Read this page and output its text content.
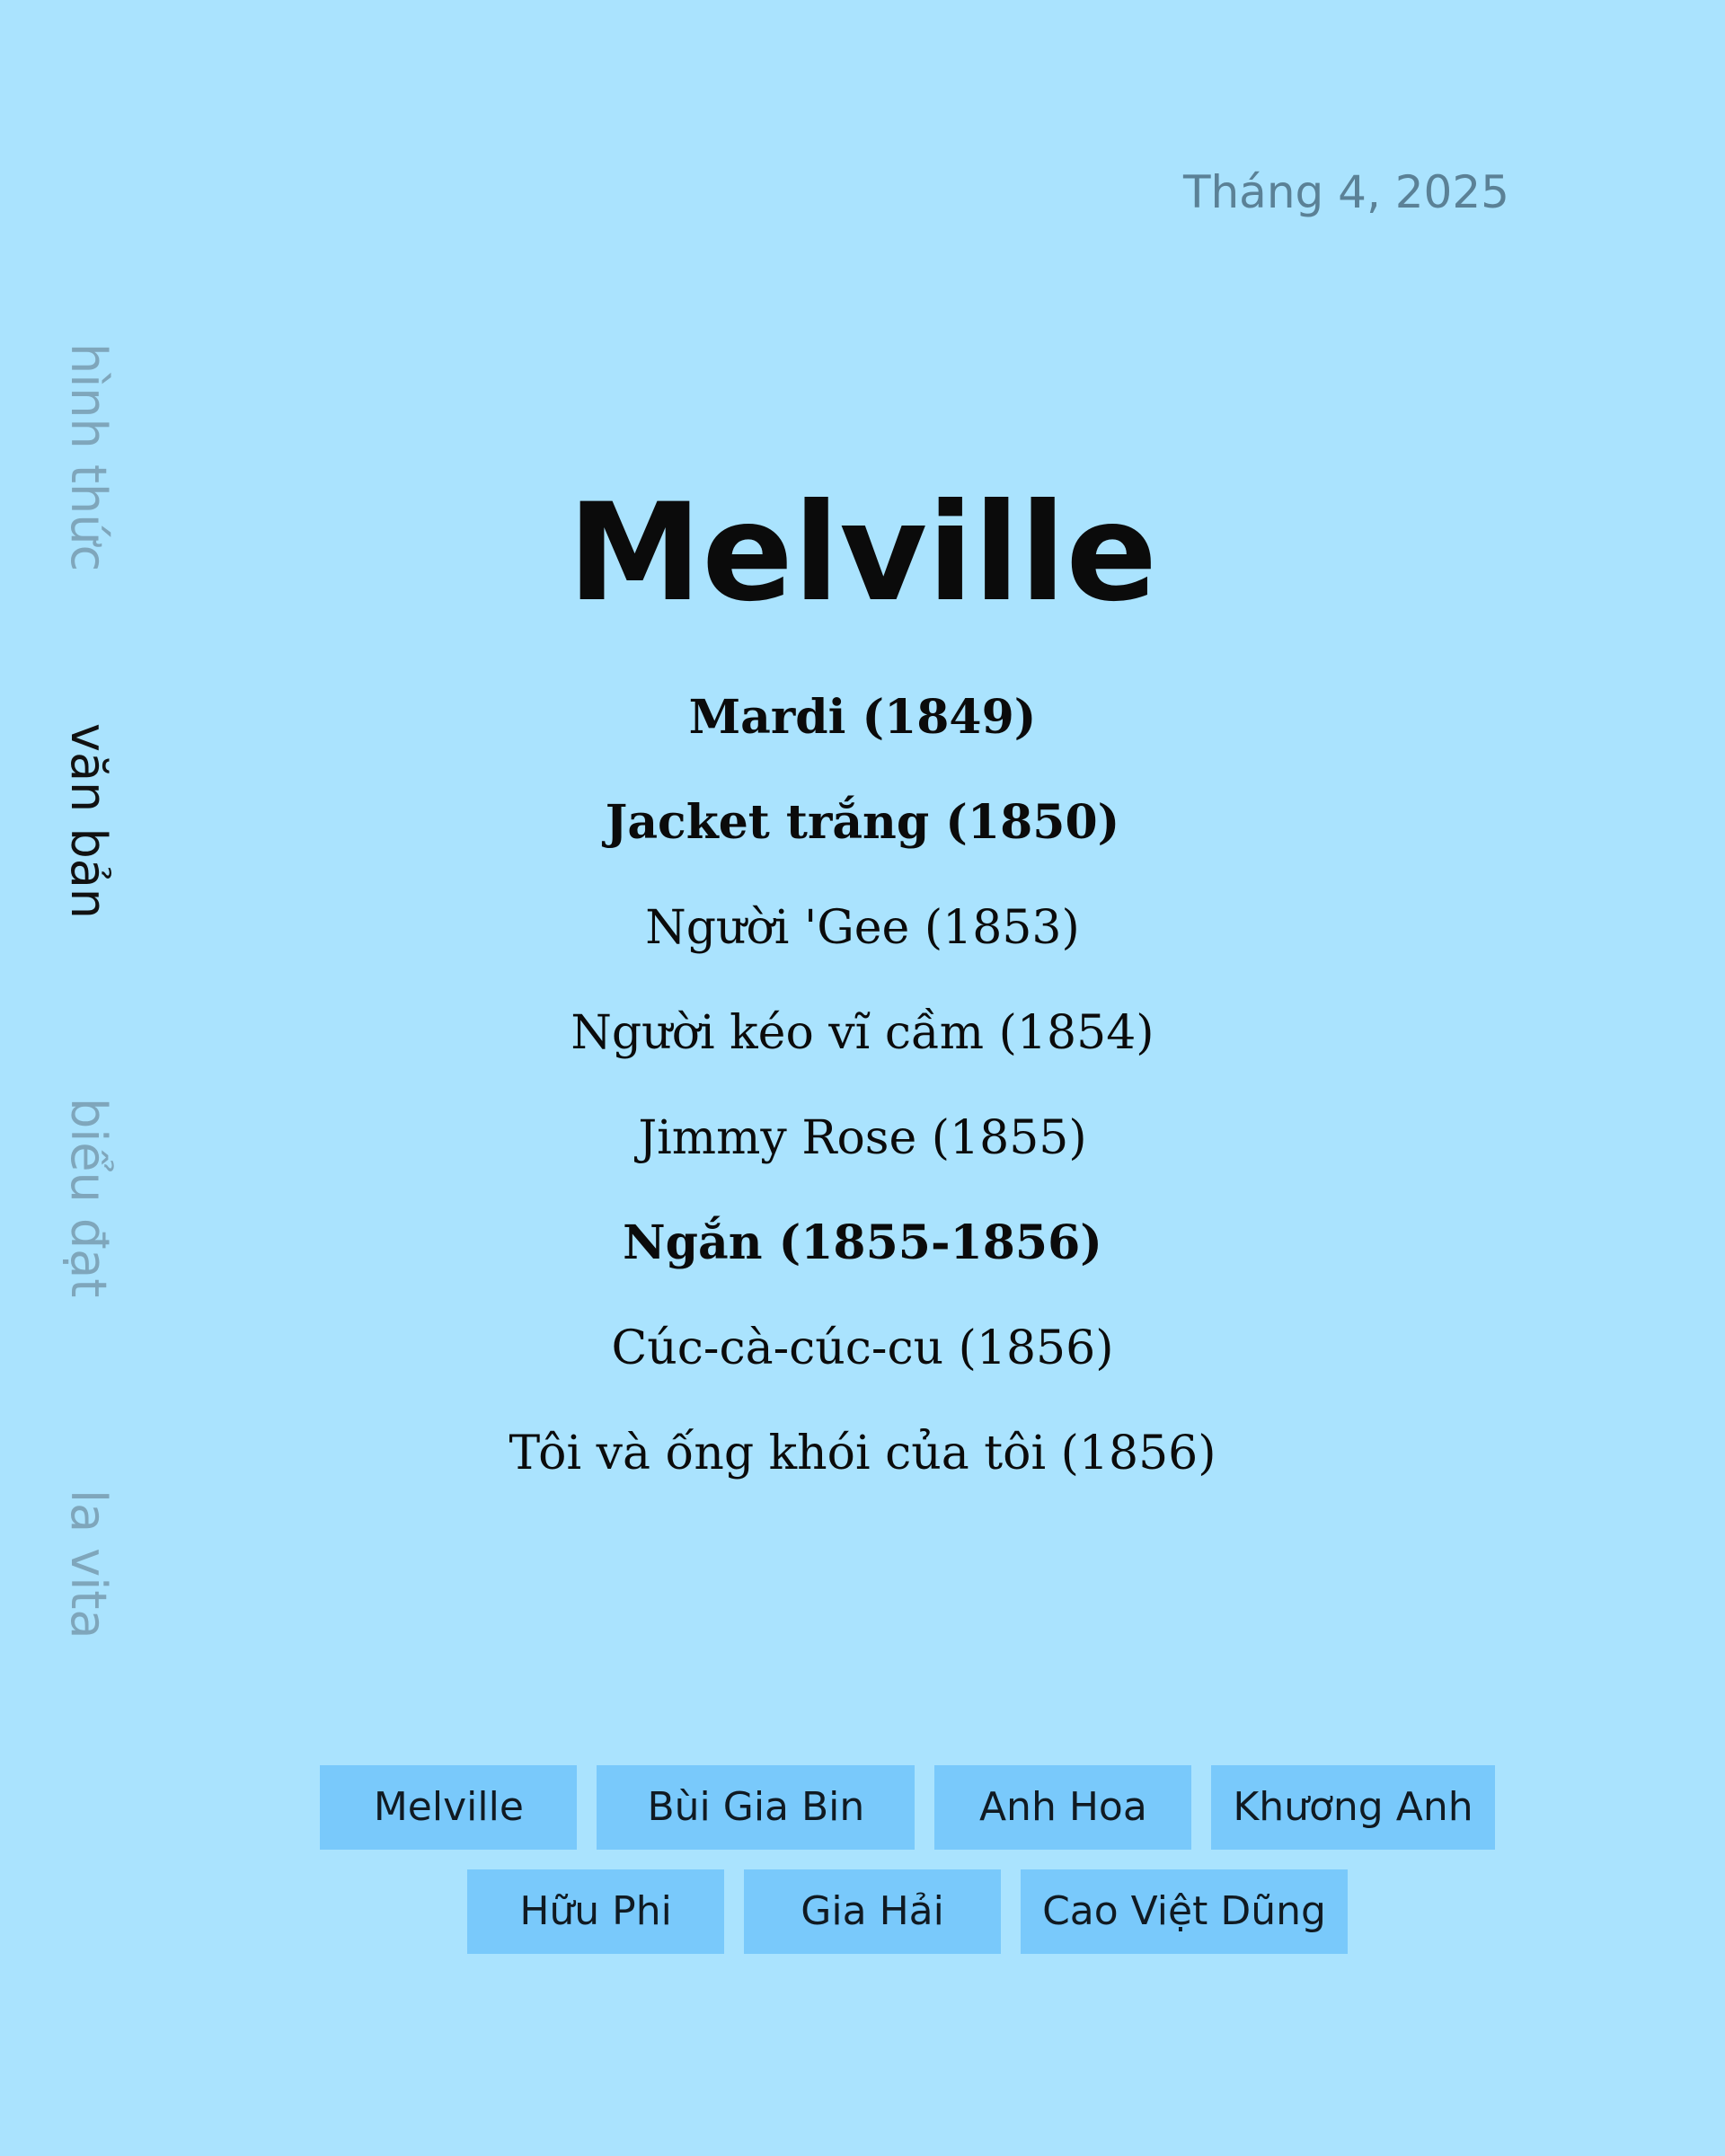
Tháng 4, 2025
hình thức
văn bản
biểu đạt
la vita
Melville
Mardi (1849)
Jacket trắng (1850)
Người 'Gee (1853)
Người kéo vĩ cầm (1854)
Jimmy Rose (1855)
Ngắn (1855-1856)
Cúc-cà-cúc-cu (1856)
Tôi và ống khói của tôi (1856)
Melville	Bùi Gia Bin	Anh Hoa	Khương Anh
Hữu Phi	Gia Hải	Cao Việt Dũng
